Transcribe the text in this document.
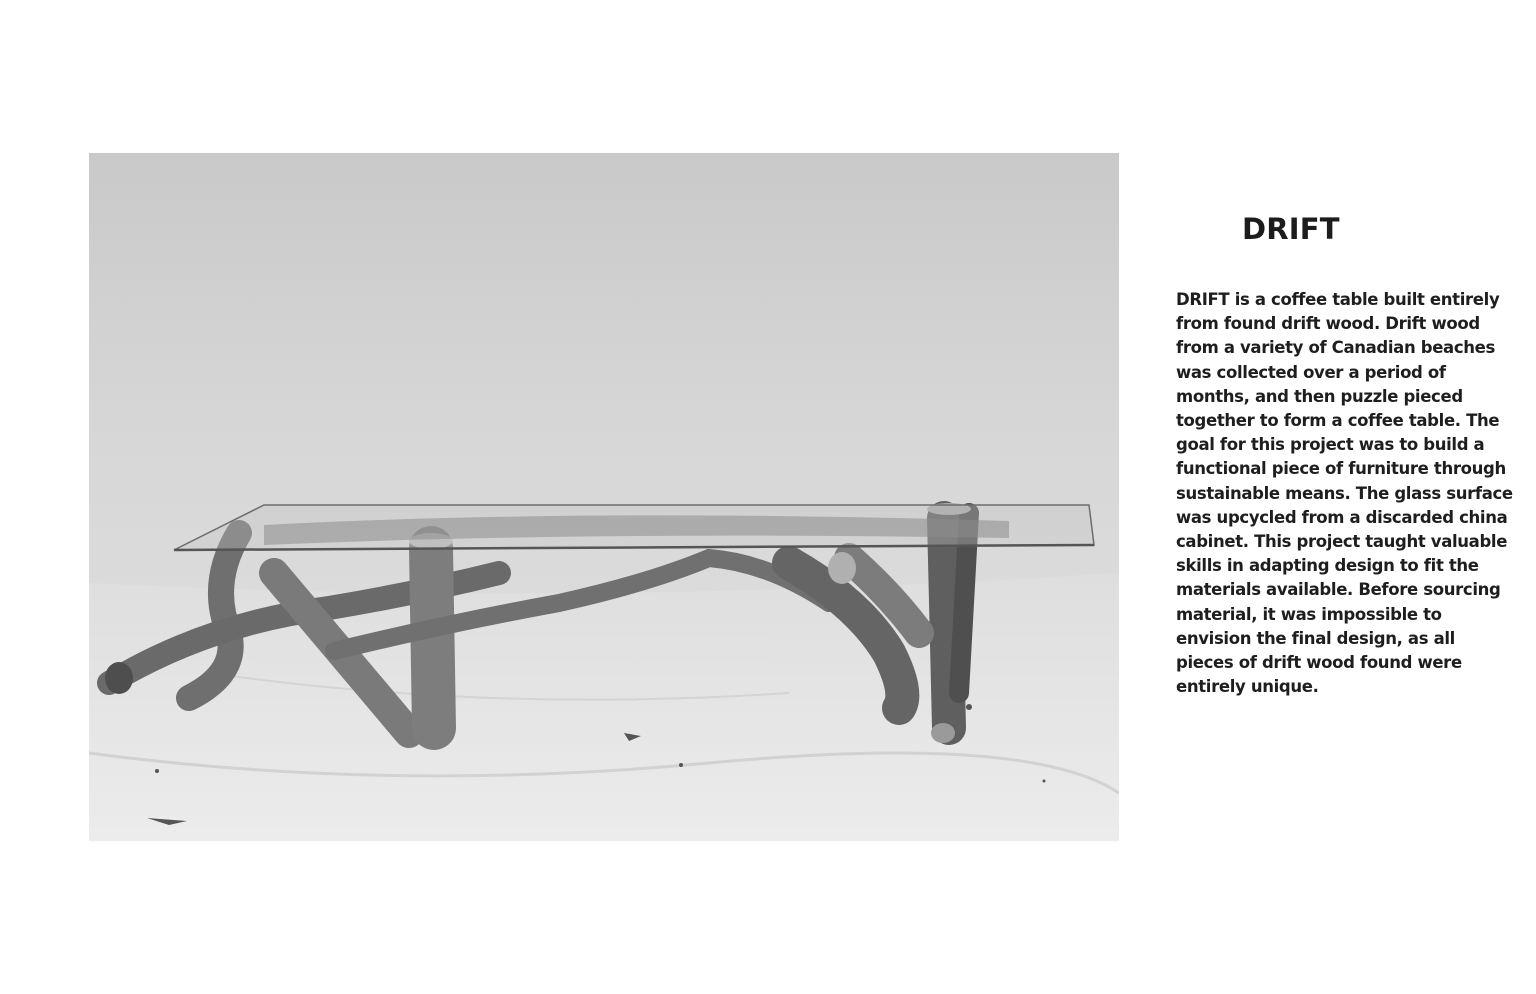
DRIFT

DRIFT is a coffee table built entirely from found drift wood. Drift wood from a variety of Canadian beaches was collected over a period of months, and then puzzle pieced together to form a coffee table. The goal for this project was to build a functional piece of furniture through sustainable means. The glass surface was upcycled from a discarded china cabinet. This project taught valuable skills in adapting design to fit the materials available. Before sourcing material, it was impossible to envision the final design, as all pieces of drift wood found were entirely unique.
